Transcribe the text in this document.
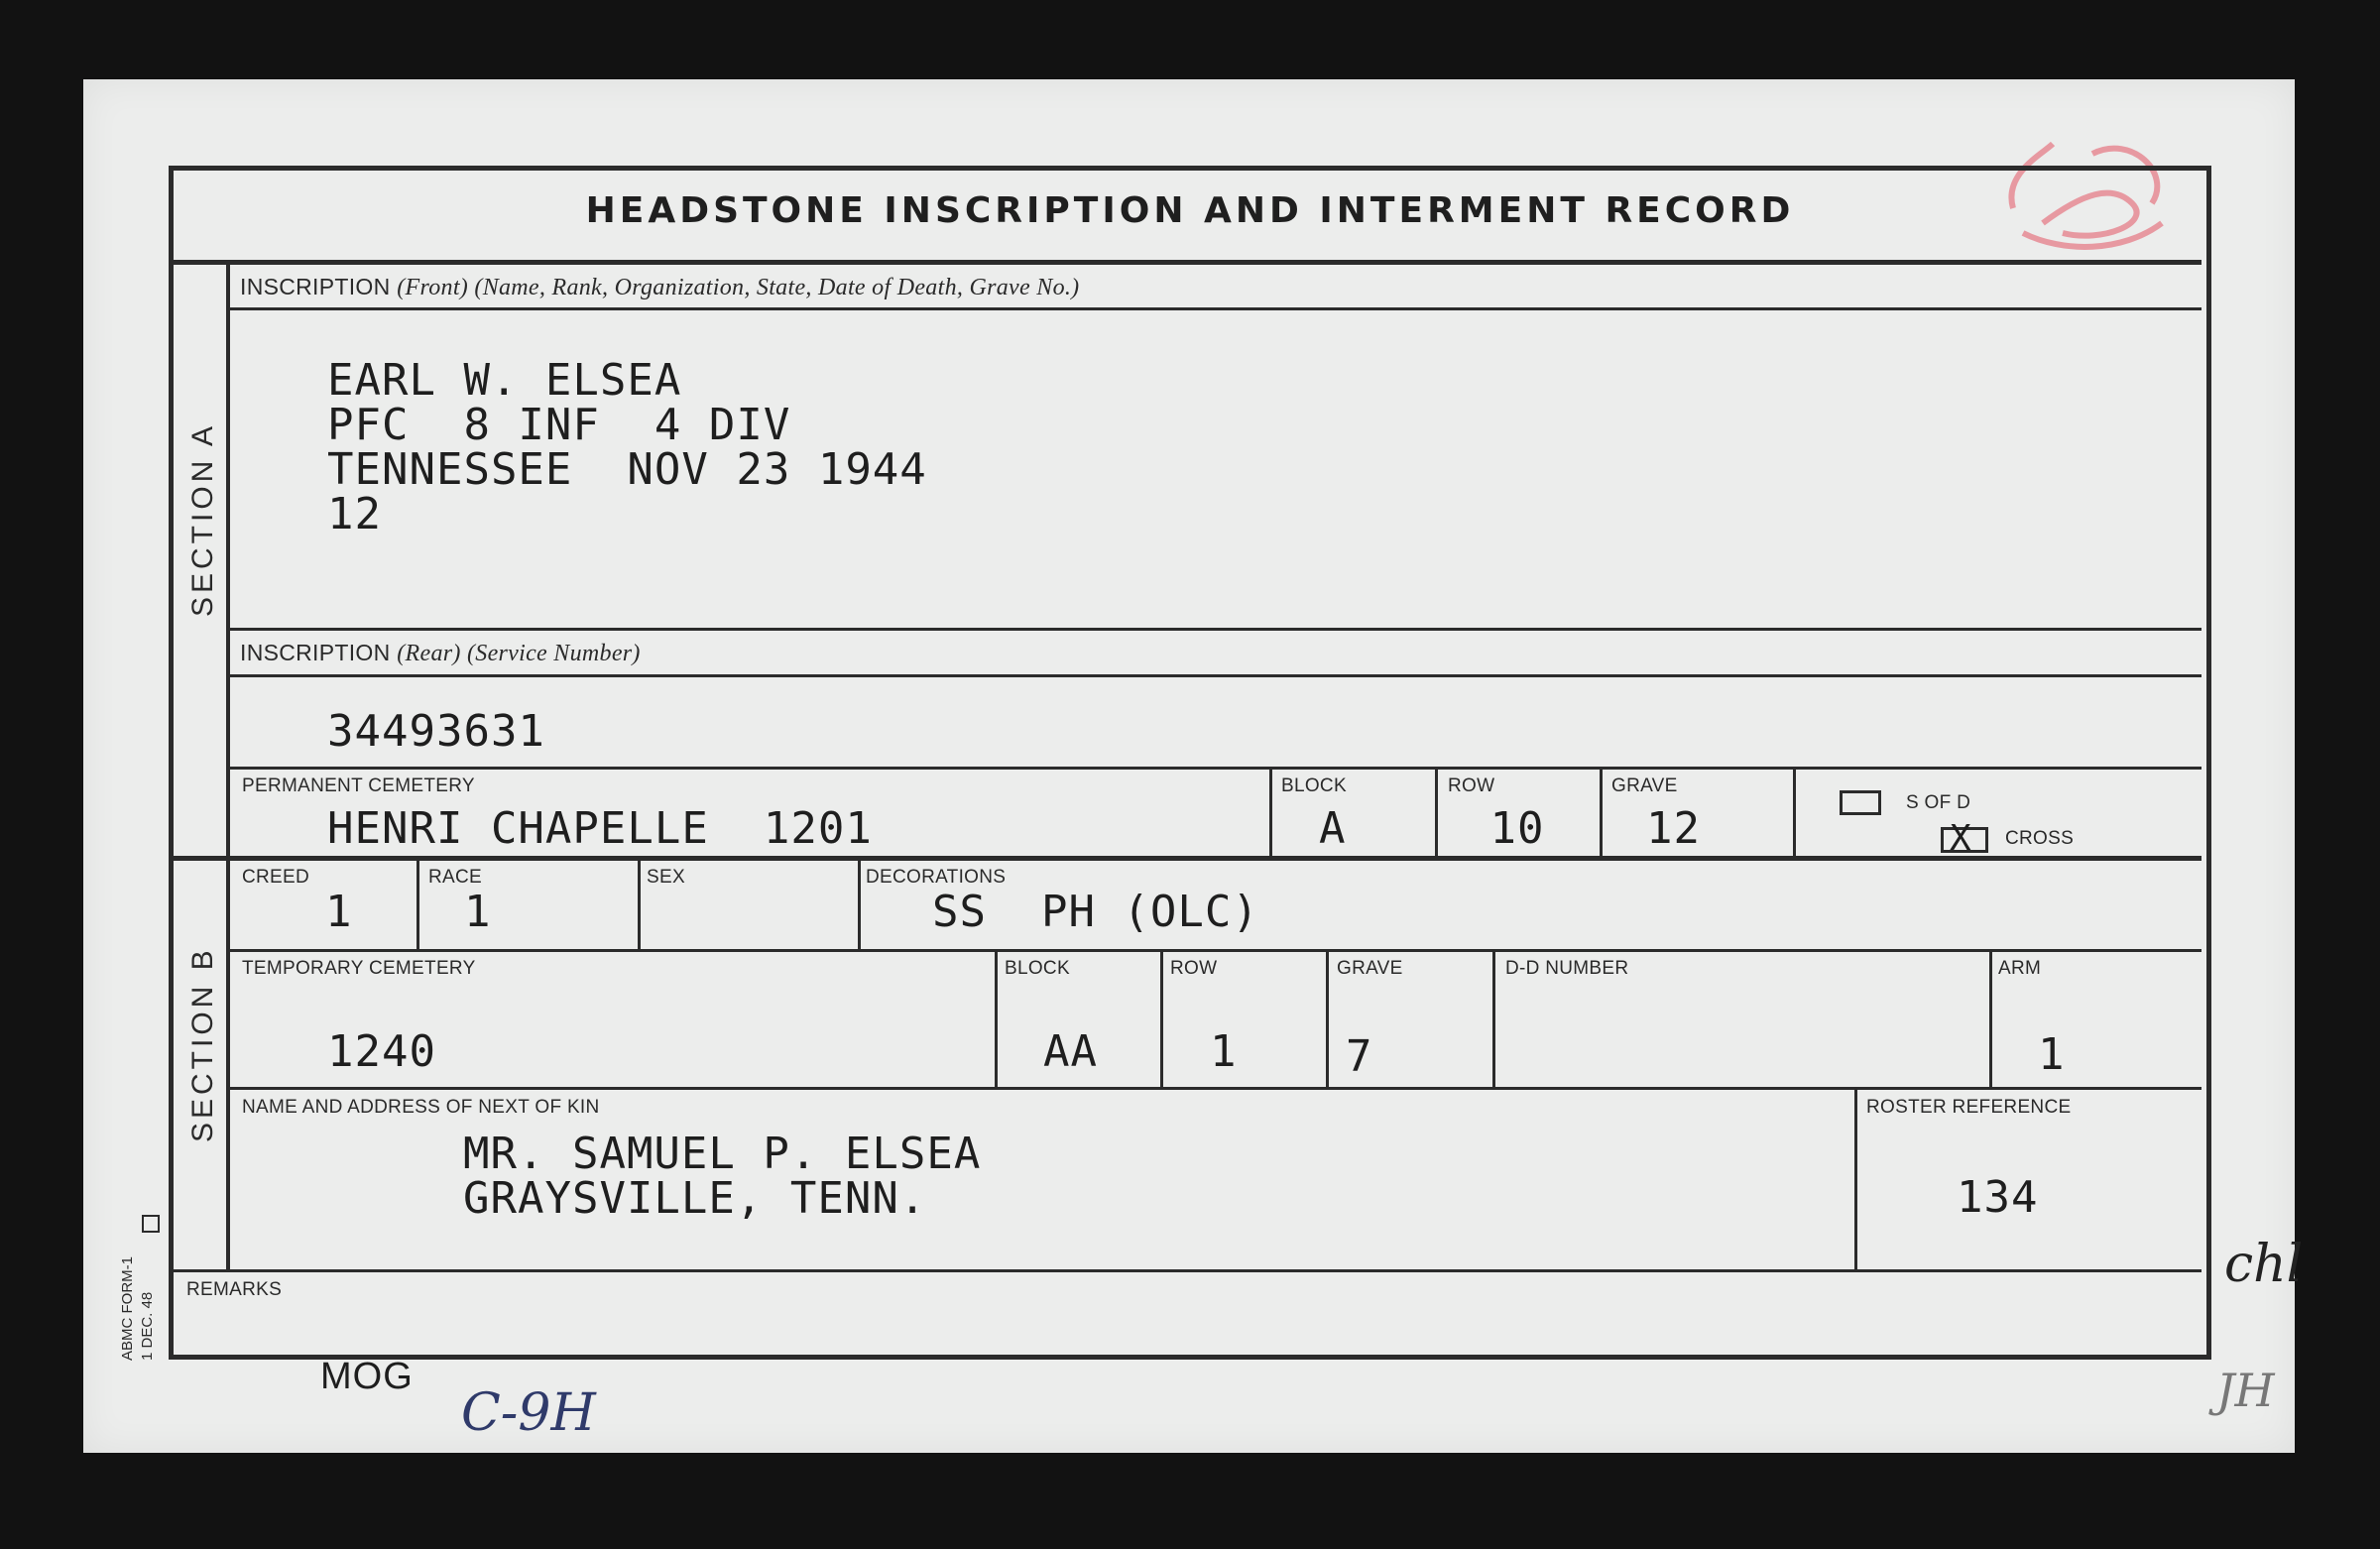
HEADSTONE INSCRIPTION AND INTERMENT RECORD
SECTION A
SECTION B
INSCRIPTION (Front) (Name, Rank, Organization, State, Date of Death, Grave No.)
EARL W. ELSEA
PFC  8 INF  4 DIV
TENNESSEE  NOV 23 1944
12
INSCRIPTION (Rear) (Service Number)
34493631
PERMANENT CEMETERY
HENRI CHAPELLE  1201
BLOCK
A
ROW
10
GRAVE
12
S OF D
X CROSS
CREED
1
RACE
1
SEX	DECORATIONS
SS  PH (OLC)
TEMPORARY CEMETERY
1240
BLOCK
AA
ROW
1
GRAVE
7
D-D NUMBER	ARM
1
NAME AND ADDRESS OF NEXT OF KIN
MR. SAMUEL P. ELSEA
GRAYSVILLE, TENN.
ROSTER REFERENCE
134
REMARKS
ABMC FORM-1 1 DEC. 48
MOG
C-9H
chl
JH
